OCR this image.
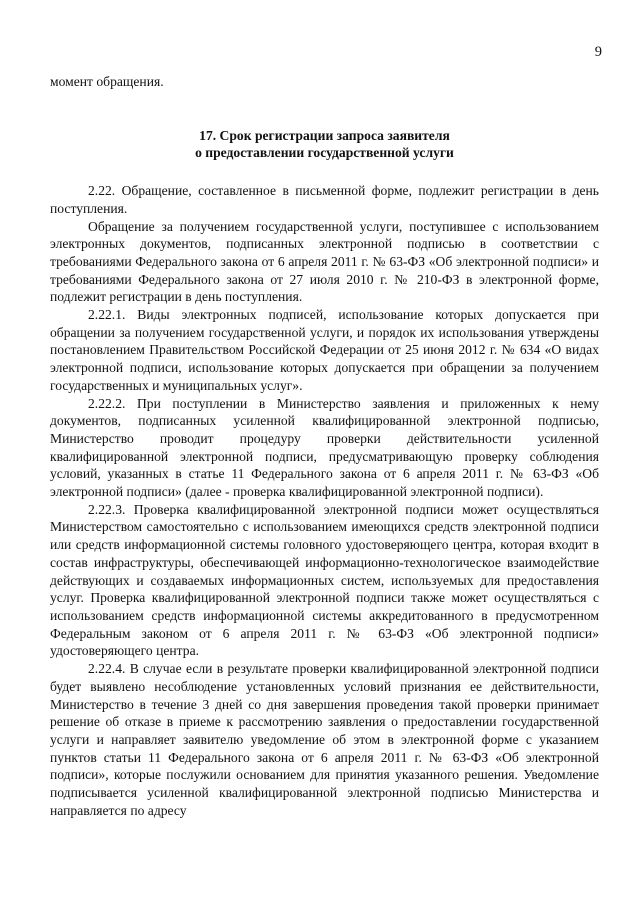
9

момент обращения.

17. Срок регистрации запроса заявителя
о предоставлении государственной услуги

2.22. Обращение, составленное в письменной форме, подлежит регистрации в день поступления.

Обращение за получением государственной услуги, поступившее с использованием электронных документов, подписанных электронной подписью в соответствии с требованиями Федерального закона от 6 апреля 2011 г. № 63-ФЗ «Об электронной подписи» и требованиями Федерального закона от 27 июля 2010 г. № 210-ФЗ в электронной форме, подлежит регистрации в день поступления.

2.22.1. Виды электронных подписей, использование которых допускается при обращении за получением государственной услуги, и порядок их использования утверждены постановлением Правительством Российской Федерации от 25 июня 2012 г. № 634 «О видах электронной подписи, использование которых допускается при обращении за получением государственных и муниципальных услуг».

2.22.2. При поступлении в Министерство заявления и приложенных к нему документов, подписанных усиленной квалифицированной электронной подписью, Министерство проводит процедуру проверки действительности усиленной квалифицированной электронной подписи, предусматривающую проверку соблюдения условий, указанных в статье 11 Федерального закона от 6 апреля 2011 г. № 63-ФЗ «Об электронной подписи» (далее - проверка квалифицированной электронной подписи).

2.22.3. Проверка квалифицированной электронной подписи может осуществляться Министерством самостоятельно с использованием имеющихся средств электронной подписи или средств информационной системы головного удостоверяющего центра, которая входит в состав инфраструктуры, обеспечивающей информационно-технологическое взаимодействие действующих и создаваемых информационных систем, используемых для предоставления услуг. Проверка квалифицированной электронной подписи также может осуществляться с использованием средств информационной системы аккредитованного в предусмотренном Федеральным законом от 6 апреля 2011 г. № 63-ФЗ «Об электронной подписи» удостоверяющего центра.

2.22.4. В случае если в результате проверки квалифицированной электронной подписи будет выявлено несоблюдение установленных условий признания ее действительности, Министерство в течение 3 дней со дня завершения проведения такой проверки принимает решение об отказе в приеме к рассмотрению заявления о предоставлении государственной услуги и направляет заявителю уведомление об этом в электронной форме с указанием пунктов статьи 11 Федерального закона от 6 апреля 2011 г. № 63-ФЗ «Об электронной подписи», которые послужили основанием для принятия указанного решения. Уведомление подписывается усиленной квалифицированной электронной подписью Министерства и направляется по адресу
